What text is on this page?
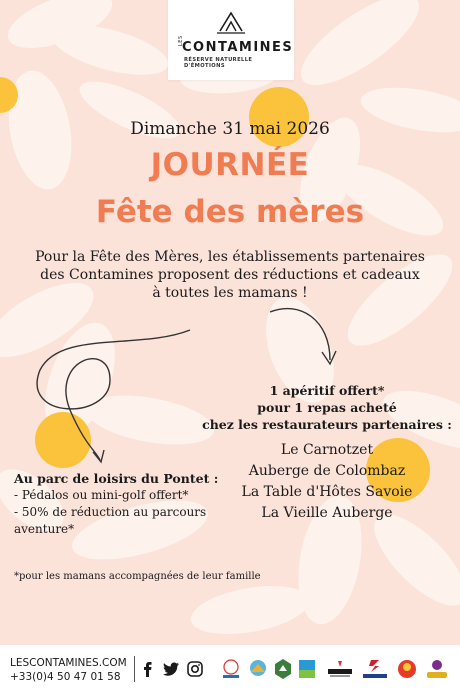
LES
CONTAMINES
RÉSERVE NATURELLE D'ÉMOTIONS
Dimanche 31 mai 2026
JOURNÉE
Fête des mères
Pour la Fête des Mères, les établissements partenaires
des Contamines proposent des réductions et cadeaux
à toutes les mamans !
1 apéritif offert*
pour 1 repas acheté
chez les restaurateurs partenaires :
Le Carnotzet
Auberge de Colombaz
La Table d'Hôtes Savoie
La Vieille Auberge
Au parc de loisirs du Pontet :
- Pédalos ou mini-golf offert*
- 50% de réduction au parcours
aventure*
*pour les mamans accompagnées de leur famille
LESCONTAMINES.COM
+33(0)4 50 47 01 58
